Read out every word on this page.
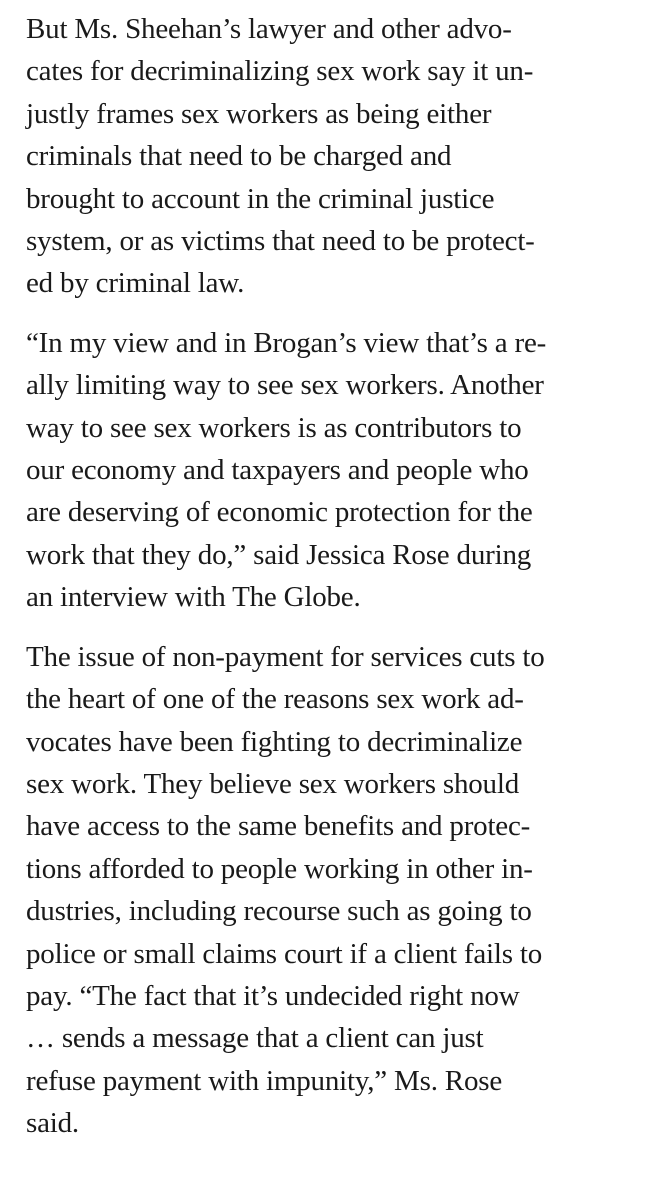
But Ms. Sheehan’s lawyer and other advo-
cates for decriminalizing sex work say it un-
justly frames sex workers as being either
criminals that need to be charged and
brought to account in the criminal justice
system, or as victims that need to be protect-
ed by criminal law.

“In my view and in Brogan’s view that’s a re-
ally limiting way to see sex workers. Another
way to see sex workers is as contributors to
our economy and taxpayers and people who
are deserving of economic protection for the
work that they do,” said Jessica Rose during
an interview with The Globe.

The issue of non-payment for services cuts to
the heart of one of the reasons sex work ad-
vocates have been fighting to decriminalize
sex work. They believe sex workers should
have access to the same benefits and protec-
tions afforded to people working in other in-
dustries, including recourse such as going to
police or small claims court if a client fails to
pay. “The fact that it’s undecided right now
… sends a message that a client can just
refuse payment with impunity,” Ms. Rose
said.
